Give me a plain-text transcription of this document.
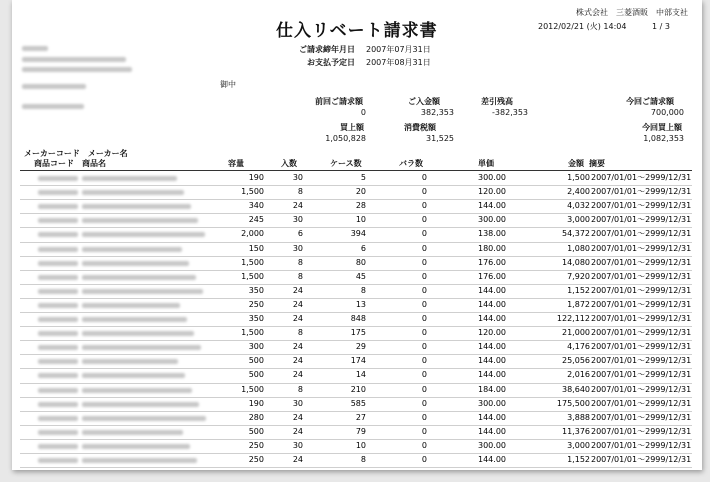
仕入リベート請求書
株式会社　三菱酒販　中部支社
2012/02/21 (火) 14:04	1 / 3
ご請求締年月日 2007年07月31日
お支払予定日 2007年08月31日
御中
前回ご請求額
0
ご入金額
382,353
差引残高
-382,353
今回ご請求額
700,000
買上額
1,050,828
消費税額
31,525
今回買上額
1,082,353
メーカーコード　メーカー名
商品コード 商品名	容量	入数	ケース数	バラ数	単価	金額 摘要
190	30	5	0	300.00	1,500 2007/01/01～2999/12/31
1,500	8	20	0	120.00	2,400 2007/01/01～2999/12/31
340	24	28	0	144.00	4,032 2007/01/01～2999/12/31
245	30	10	0	300.00	3,000 2007/01/01～2999/12/31
2,000	6	394	0	138.00	54,372 2007/01/01～2999/12/31
150	30	6	0	180.00	1,080 2007/01/01～2999/12/31
1,500	8	80	0	176.00	14,080 2007/01/01～2999/12/31
1,500	8	45	0	176.00	7,920 2007/01/01～2999/12/31
350	24	8	0	144.00	1,152 2007/01/01～2999/12/31
250	24	13	0	144.00	1,872 2007/01/01～2999/12/31
350	24	848	0	144.00	122,112 2007/01/01～2999/12/31
1,500	8	175	0	120.00	21,000 2007/01/01～2999/12/31
300	24	29	0	144.00	4,176 2007/01/01～2999/12/31
500	24	174	0	144.00	25,056 2007/01/01～2999/12/31
500	24	14	0	144.00	2,016 2007/01/01～2999/12/31
1,500	8	210	0	184.00	38,640 2007/01/01～2999/12/31
190	30	585	0	300.00	175,500 2007/01/01～2999/12/31
280	24	27	0	144.00	3,888 2007/01/01～2999/12/31
500	24	79	0	144.00	11,376 2007/01/01～2999/12/31
250	30	10	0	300.00	3,000 2007/01/01～2999/12/31
250	24	8	0	144.00	1,152 2007/01/01～2999/12/31
